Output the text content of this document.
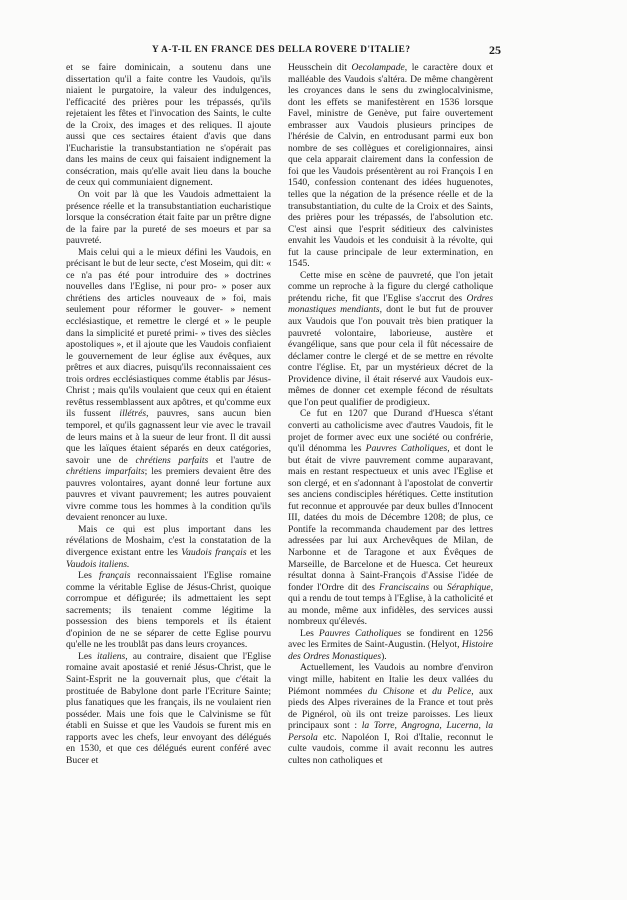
Y A-T-IL EN FRANCE DES DELLA ROVERE D'ITALIE?	25

et se faire dominicain, a soutenu dans une dissertation qu'il a faite contre les Vaudois, qu'ils niaient le purgatoire, la valeur des indulgences, l'efficacité des prières pour les trépassés, qu'ils rejetaient les fêtes et l'invocation des Saints, le culte de la Croix, des images et des reliques. Il ajoute aussi que ces sectaires étaient d'avis que dans l'Eucharistie la transubstantiation ne s'opérait pas dans les mains de ceux qui faisaient indignement la consécration, mais qu'elle avait lieu dans la bouche de ceux qui communiaient dignement.

On voit par là que les Vaudois admettaient la présence réelle et la transubstantiation eucharistique lorsque la consécration était faite par un prêtre digne de la faire par la pureté de ses moeurs et par sa pauvreté.

Mais celui qui a le mieux défini les Vaudois, en précisant le but de leur secte, c'est Moseim, qui dit: « ce n'a pas été pour introduire des » doctrines nouvelles dans l'Eglise, ni pour pro- » poser aux chrétiens des articles nouveaux de » foi, mais seulement pour réformer le gouver- » nement ecclésiastique, et remettre le clergé et » le peuple dans la simplicité et pureté primi- » tives des siècles apostoliques », et il ajoute que les Vaudois confiaient le gouvernement de leur église aux évêques, aux prêtres et aux diacres, puisqu'ils reconnaissaient ces trois ordres ecclésiastiques comme établis par Jésus-Christ ; mais qu'ils voulaient que ceux qui en étaient revêtus ressemblassent aux apôtres, et qu'comme eux ils fussent illétrés, pauvres, sans aucun bien temporel, et qu'ils gagnassent leur vie avec le travail de leurs mains et à la sueur de leur front. Il dit aussi que les laïques étaient séparés en deux catégories, savoir une de chrétiens parfaits et l'autre de chrétiens imparfaits; les premiers devaient être des pauvres volontaires, ayant donné leur fortune aux pauvres et vivant pauvrement; les autres pouvaient vivre comme tous les hommes à la condition qu'ils devaient renoncer au luxe.

Mais ce qui est plus important dans les révélations de Moshaim, c'est la constatation de la divergence existant entre les Vaudois français et les Vaudois italiens.

Les français reconnaissaient l'Eglise romaine comme la véritable Eglise de Jésus-Christ, quoique corrompue et défigurée; ils admettaient les sept sacrements; ils tenaient comme légitime la possession des biens temporels et ils étaient d'opinion de ne se séparer de cette Eglise pourvu qu'elle ne les troublât pas dans leurs croyances.

Les italiens, au contraire, disaient que l'Eglise romaine avait apostasié et renié Jésus-Christ, que le Saint-Esprit ne la gouvernait plus, que c'était la prostituée de Babylone dont parle l'Ecriture Sainte; plus fanatiques que les français, ils ne voulaient rien posséder. Mais une fois que le Calvinisme se fût établi en Suisse et que les Vaudois se furent mis en rapports avec les chefs, leur envoyant des délégués en 1530, et que ces délégués eurent conféré avec Bucer et

Heusschein dit Oecolampade, le caractère doux et malléable des Vaudois s'altéra. De même changèrent les croyances dans le sens du zwinglocalvinisme, dont les effets se manifestèrent en 1536 lorsque Favel, ministre de Genève, put faire ouvertement embrasser aux Vaudois plusieurs principes de l'hérésie de Calvin, en entrodusant parmi eux bon nombre de ses collègues et coreligionnaires, ainsi que cela apparait clairement dans la confession de foi que les Vaudois présentèrent au roi François I en 1540, confession contenant des idées huguenotes, telles que la négation de la présence réelle et de la transubstantiation, du culte de la Croix et des Saints, des prières pour les trépassés, de l'absolution etc. C'est ainsi que l'esprit séditieux des calvinistes envahit les Vaudois et les conduisit à la révolte, qui fut la cause principale de leur extermination, en 1545.

Cette mise en scène de pauvreté, que l'on jetait comme un reproche à la figure du clergé catholique prétendu riche, fit que l'Eglise s'accrut des Ordres monastiques mendiants, dont le but fut de prouver aux Vaudois que l'on pouvait très bien pratiquer la pauvreté volontaire, laborieuse, austère et évangélique, sans que pour cela il fût nécessaire de déclamer contre le clergé et de se mettre en révolte contre l'église. Et, par un mystérieux décret de la Providence divine, il était réservé aux Vaudois eux-mêmes de donner cet exemple fécond de résultats que l'on peut qualifier de prodigieux.

Ce fut en 1207 que Durand d'Huesca s'étant converti au catholicisme avec d'autres Vaudois, fit le projet de former avec eux une société ou confrérie, qu'il dénomma les Pauvres Catholiques, et dont le but était de vivre pauvrement comme auparavant, mais en restant respectueux et unis avec l'Eglise et son clergé, et en s'adonnant à l'apostolat de convertir ses anciens condisciples hérétiques. Cette institution fut reconnue et approuvée par deux bulles d'Innocent III, datées du mois de Décembre 1208; de plus, ce Pontife la recommanda chaudement par des lettres adressées par lui aux Archevêques de Milan, de Narbonne et de Taragone et aux Évêques de Marseille, de Barcelone et de Huesca. Cet heureux résultat donna à Saint-François d'Assise l'idée de fonder l'Ordre dit des Franciscains ou Séraphique, qui a rendu de tout temps à l'Eglise, à la catholicité et au monde, même aux infidèles, des services aussi nombreux qu'élevés.

Les Pauvres Catholiques se fondirent en 1256 avec les Ermites de Saint-Augustin. (Helyot, Histoire des Ordres Monastiques).

Actuellement, les Vaudois au nombre d'environ vingt mille, habitent en Italie les deux vallées du Piémont nommées du Chisone et du Pelice, aux pieds des Alpes riveraines de la France et tout près de Pignérol, où ils ont treize paroisses. Les lieux principaux sont : la Torre, Angrogna, Lucerna, la Persola etc. Napoléon I, Roi d'Italie, reconnut le culte vaudois, comme il avait reconnu les autres cultes non catholiques et
